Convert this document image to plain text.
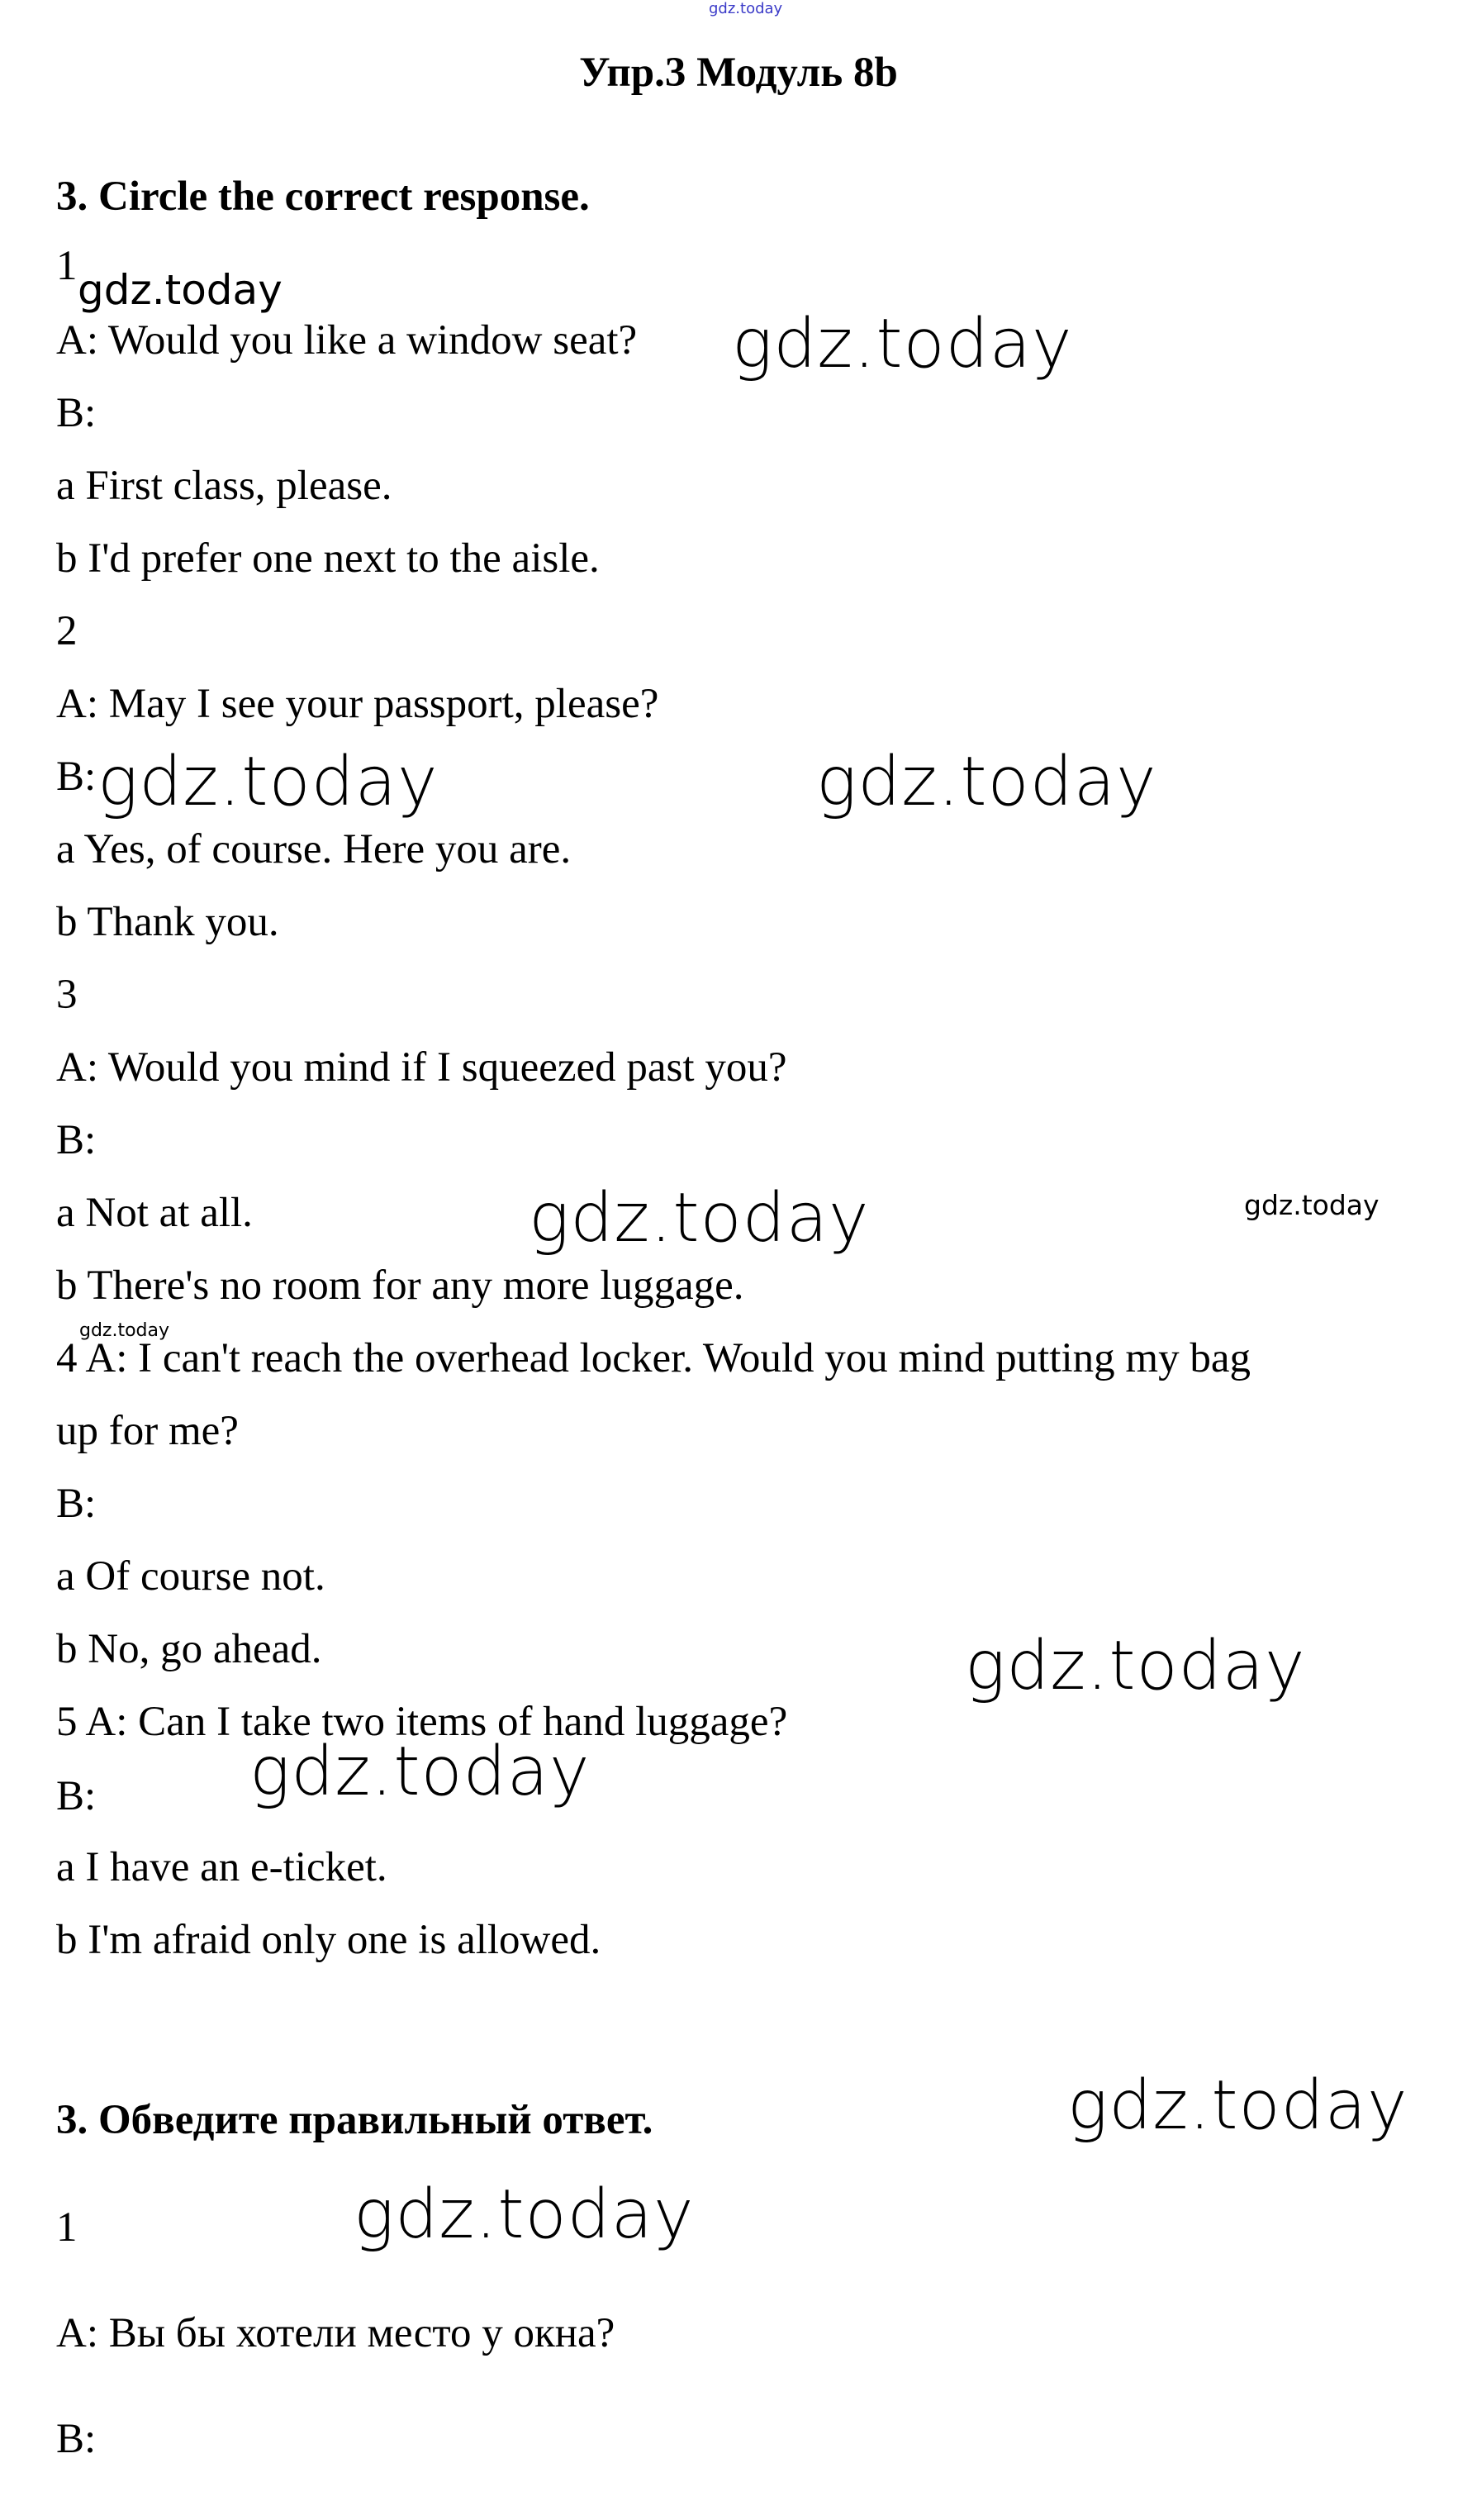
gdz.today
Упр.3 Модуль 8b
3. Circle the correct response.
1
A: Would you like a window seat?
B:
a First class, please.
b I'd prefer one next to the aisle.
2
A: May I see your passport, please?
B:
a Yes, of course. Here you are.
b Thank you.
3
A: Would you mind if I squeezed past you?
B:
a Not at all.
b There's no room for any more luggage.
4 A: I can't reach the overhead locker. Would you mind putting my bag
up for me?
B:
a Of course not.
b No, go ahead.
5 A: Can I take two items of hand luggage?
B:
a I have an e-ticket.
b I'm afraid only one is allowed.
3. Обведите правильный ответ.
1
A: Вы бы хотели место у окна?
B:
gdz.today
gdz.today
gdz.today	gdz.today
gdz.today	gdz.today
gdz.today
gdz.today
gdz.today
gdz.today
gdz.today
